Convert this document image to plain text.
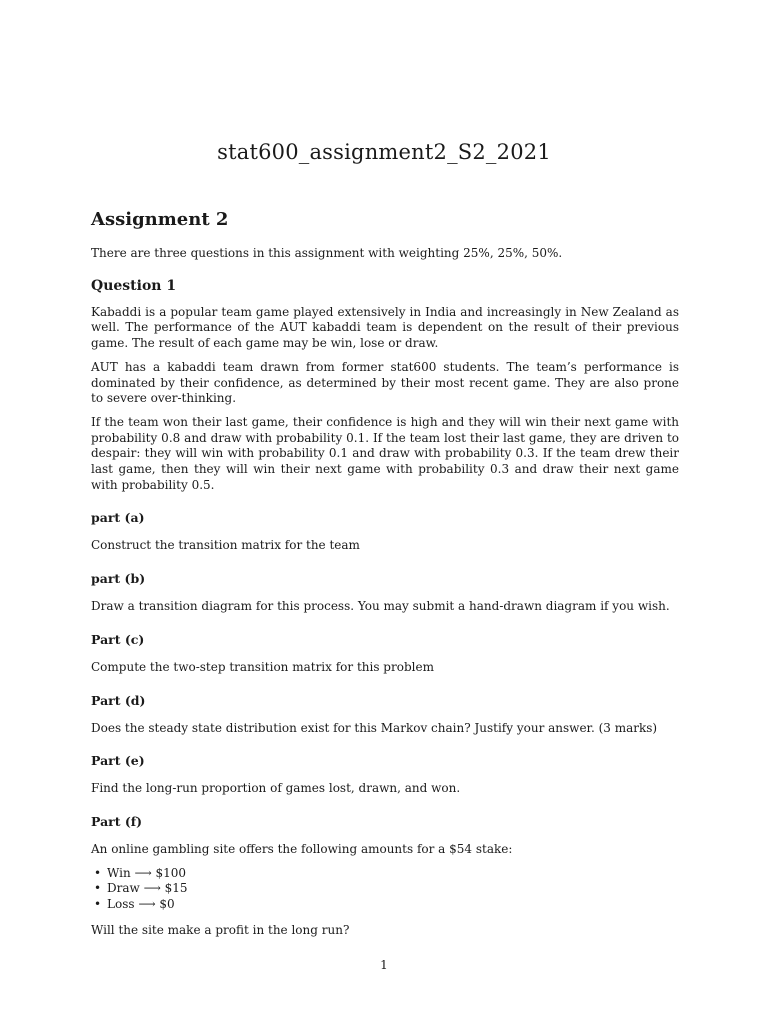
stat600_assignment2_S2_2021
Assignment 2

There are three questions in this assignment with weighting 25%, 25%, 50%.

Question 1

Kabaddi is a popular team game played extensively in India and increasingly in New Zealand as well. The performance of the AUT kabaddi team is dependent on the result of their previous game. The result of each game may be win, lose or draw.

AUT has a kabaddi team drawn from former stat600 students. The team’s performance is dominated by their confidence, as determined by their most recent game. They are also prone to severe over-thinking.

If the team won their last game, their confidence is high and they will win their next game with probability 0.8 and draw with probability 0.1. If the team lost their last game, they are driven to despair: they will win with probability 0.1 and draw with probability 0.3. If the team drew their last game, then they will win their next game with probability 0.3 and draw their next game with probability 0.5.

part (a)

Construct the transition matrix for the team

part (b)

Draw a transition diagram for this process. You may submit a hand-drawn diagram if you wish.

Part (c)

Compute the two-step transition matrix for this problem

Part (d)

Does the steady state distribution exist for this Markov chain? Justify your answer. (3 marks)

Part (e)

Find the long-run proportion of games lost, drawn, and won.

Part (f)

An online gambling site offers the following amounts for a $54 stake:

• Win ⟶ $100
• Draw ⟶ $15
• Loss ⟶ $0

Will the site make a profit in the long run?

1
